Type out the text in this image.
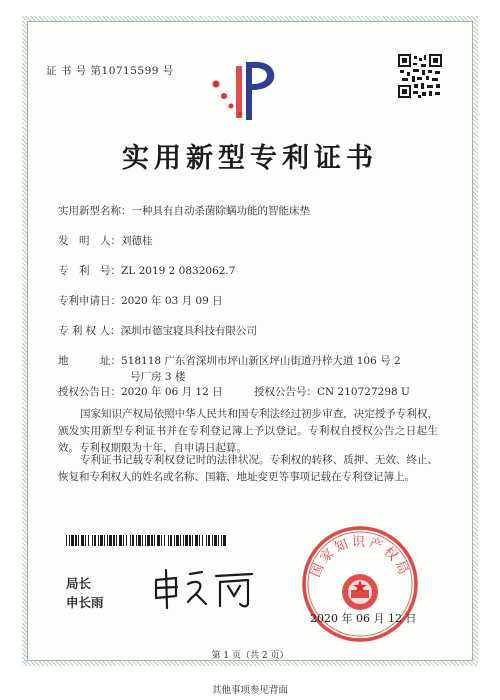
证 书 号 第10715599 号
实用新型专利证书
实用新型名称：一种具有自动杀菌除螨功能的智能床垫
发　明　人：刘德桂
专　利　号：ZL 2019 2 0832062.7
专利申请日：2020 年 03 月 09 日
专 利 权 人：深圳市德宝寝具科技有限公司
地　　　址：518118 广东省深圳市坪山新区坪山街道丹梓大道 106 号 2
号厂房 3 楼
授权公告日：2020 年 06 月 12 日	授权公告号：CN 210727298 U
国家知识产权局依照中华人民共和国专利法经过初步审查，决定授予专利权，颁发实用新型专利证书并在专利登记簿上予以登记。专利权自授权公告之日起生效。专利权期限为十年，自申请日起算。
专利证书记载专利权登记时的法律状况。专利权的转移、质押、无效、终止、恢复和专利权人的姓名或名称、国籍、地址变更等事项记载在专利登记簿上。
局长
申长雨
国家知识产权局
2020 年 06 月 12 日
第 1 页（共 2 页）
其他事项参见背面
